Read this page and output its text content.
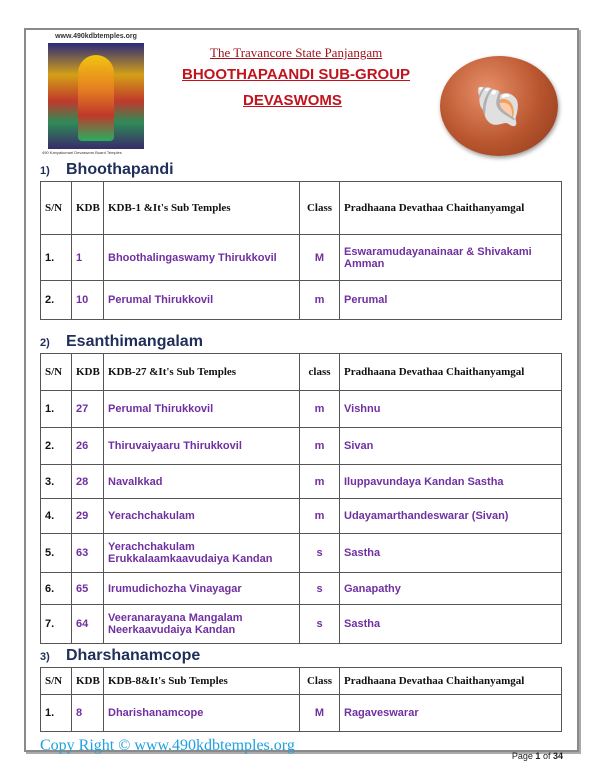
www.490kdbtemples.org
490 Kanyakumari Devaswom Board Temples
The Travancore State Panjangam
BHOOTHAPAANDI SUB-GROUP
DEVASWOMS	🐚
1) Bhoothapandi
S/N	KDB	KDB-1 &It's Sub Temples	Class	Pradhaana Devathaa Chaithanyamgal
1.	1	Bhoothalingaswamy Thirukkovil	M	Eswaramudayanainaar & Shivakami Amman
2.	10	Perumal Thirukkovil	m	Perumal
2) Esanthimangalam
S/N	KDB	KDB-27 &It's Sub Temples	class	Pradhaana Devathaa Chaithanyamgal
1.	27	Perumal Thirukkovil	m	Vishnu
2.	26	Thiruvaiyaaru Thirukkovil	m	Sivan
3.	28	Navalkkad	m	Iluppavundaya Kandan Sastha
4.	29	Yerachchakulam	m	Udayamarthandeswarar (Sivan)
5.	63	Yerachchakulam Erukkalaamkaavudaiya Kandan	s	Sastha
6.	65	Irumudichozha Vinayagar	s	Ganapathy
7.	64	Veeranarayana Mangalam Neerkaavudaiya Kandan	s	Sastha
3) Dharshanamcope
S/N	KDB	KDB-8&It's Sub Temples	Class	Pradhaana Devathaa Chaithanyamgal
1.	8	Dharishanamcope	M	Ragaveswarar
Copy Right © www.490kdbtemples.org
Page 1 of 34
